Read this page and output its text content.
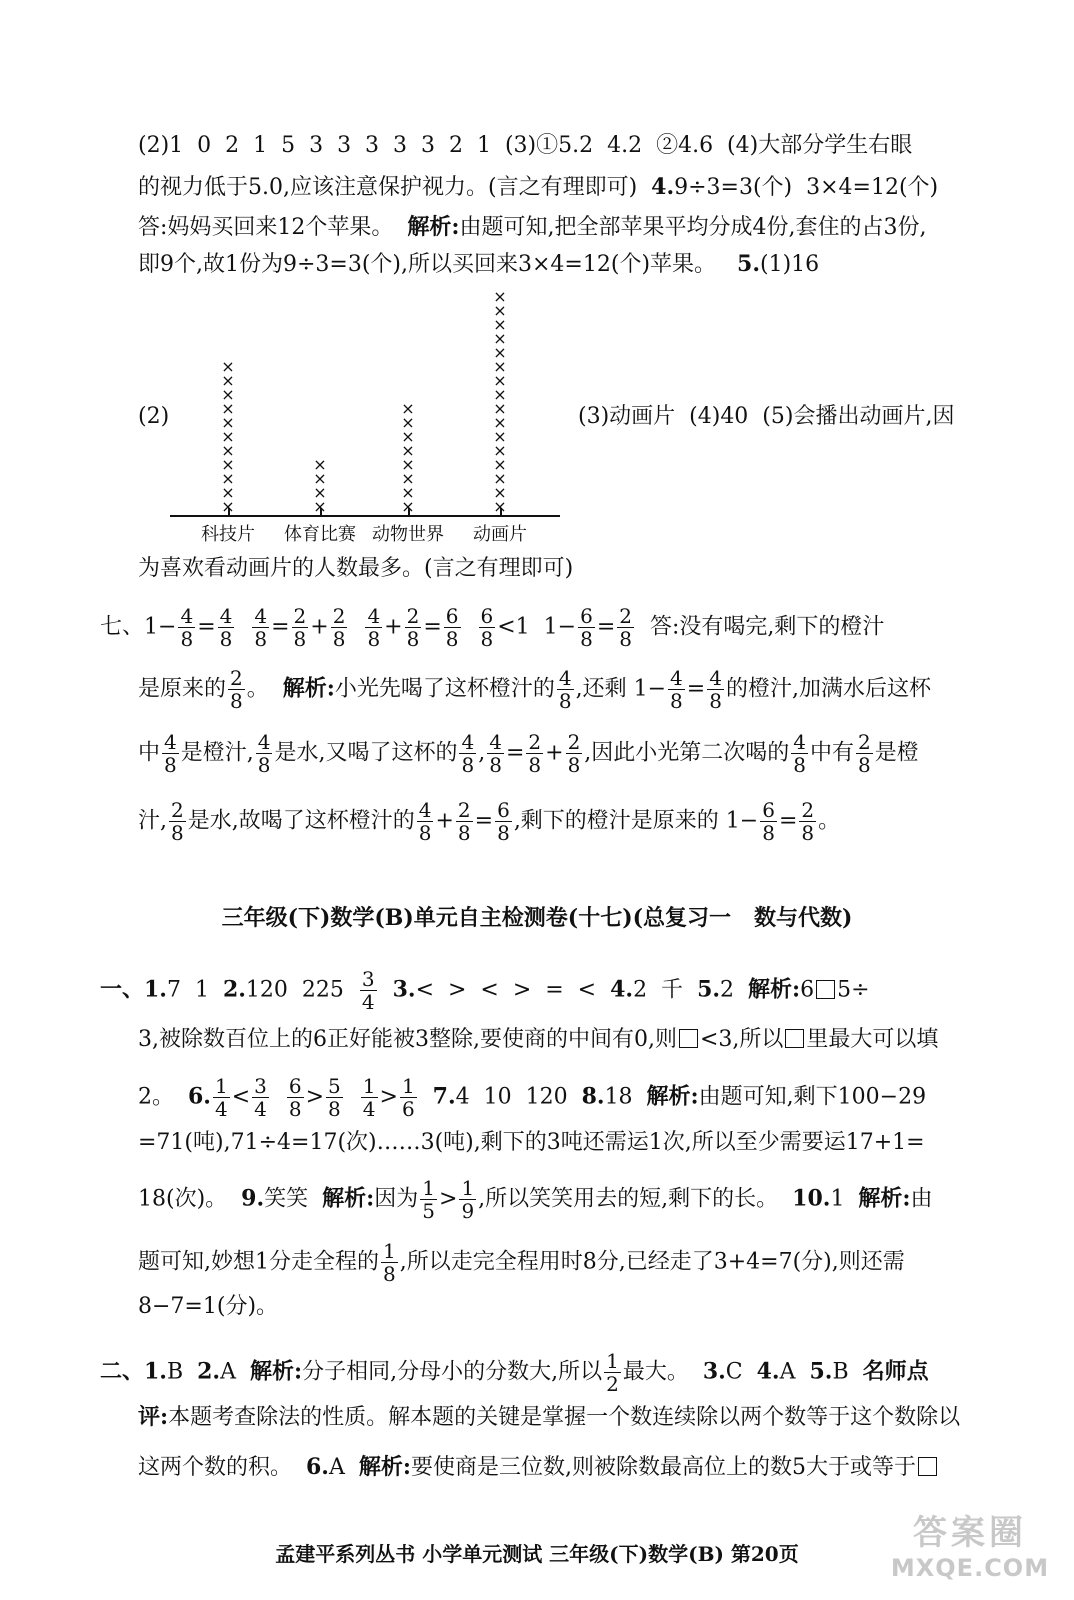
(2)1  0  2  1  5  3  3  3  3  3  2  1  (3)①5.2  4.2  ②4.6  (4)大部分学生右眼
的视力低于5.0,应该注意保护视力。(言之有理即可)  4.9÷3=3(个)  3×4=12(个)
答:妈妈买回来12个苹果。  解析:由题可知,把全部苹果平均分成4份,套住的占3份,
即9个,故1份为9÷3=3(个),所以买回来3×4=12(个)苹果。   5.(1)16
(2)
×
×
×
×
×
×
×
×
×
×
×
科技片
×
×
×
×
体育比赛
×
×
×
×
×
×
×
×
动物世界
×
×
×
×
×
×
×
×
×
×
×
×
×
×
×
×
动画片
(3)动画片  (4)40  (5)会播出动画片,因
为喜欢看动画片的人数最多。(言之有理即可)
七、$1- \frac{4}{8} = \frac{4}{8}$
$\frac{4}{8} = \frac{2}{8} + \frac{2}{8}$
$\frac{4}{8} + \frac{2}{8} = \frac{6}{8}$
$\frac{6}{8} <1$  $1- \frac{6}{8} = \frac{2}{8}$ 答:没有喝完,剩下的橙汁
是原来的 $\frac{2}{8}$ 。  解析:小光先喝了这杯橙汁的 $\frac{4}{8}$ ,还剩 $1- \frac{4}{8} = \frac{4}{8}$ 的橙汁,加满水后这杯
中 $\frac{4}{8}$ 是橙汁, $\frac{4}{8}$ 是水,又喝了这杯的 $\frac{4}{8}$ , $\frac{4}{8} = \frac{2}{8} + \frac{2}{8}$ ,因此小光第二次喝的 $\frac{4}{8}$ 中有 $\frac{2}{8}$ 是橙
汁, $\frac{2}{8}$ 是水,故喝了这杯橙汁的 $\frac{4}{8} + \frac{2}{8} = \frac{6}{8}$ ,剩下的橙汁是原来的 $1- \frac{6}{8} = \frac{2}{8}$ 。
三年级(下)数学(B)单元自主检测卷(十七)(总复习一   数与代数)
一、1.7  1  2.120  $225 \frac{3}{4} 3.<$  >  <  >  =  <  4.2  千  5.2  解析:6 5÷
3,被除数百位上的6正好能被3整除,要使商的中间有0,则 <3,所以 里最大可以填
2。  6. $\frac{1}{4} < \frac{3}{4}$
$\frac{6}{8} > \frac{5}{8}$
$\frac{1}{4} > \frac{1}{6} 7.4$  10  120  8.18  解析:由题可知,剩下100−29
=71(吨),71÷4=17(次)……3(吨),剩下的3吨还需运1次,所以至少需要运17+1=
18(次)。  9.笑笑  解析:因为 $\frac{1}{5} > \frac{1}{9}$ ,所以笑笑用去的短,剩下的长。  10.1  解析:由
题可知,妙想1分走全程的 $\frac{1}{8}$ ,所以走完全程用时8分,已经走了3+4=7(分),则还需
8−7=1(分)。
二、1.B  2.A  解析:分子相同,分母小的分数大,所以 $\frac{1}{2}$ 最大。  3.C  4.A  5.B  名师点
评:本题考查除法的性质。解本题的关键是掌握一个数连续除以两个数等于这个数除以
这两个数的积。  6.A  解析:要使商是三位数,则被除数最高位上的数5大于或等于
孟建平系列丛书 小学单元测试 三年级(下)数学(B) 第20页
答案圈
MXQE.COM
